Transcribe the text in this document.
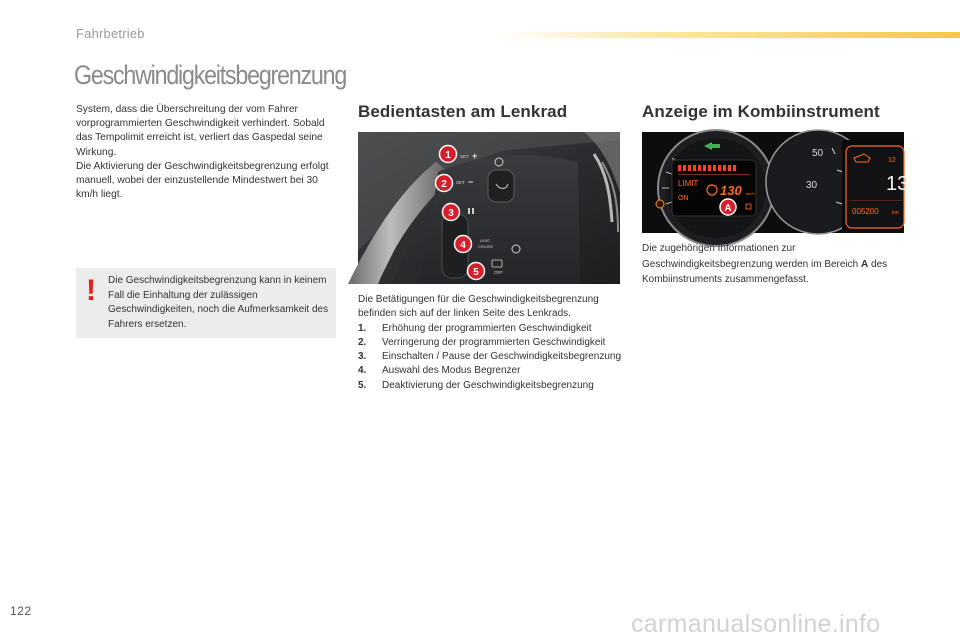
Fahrbetrieb
Geschwindigkeitsbegrenzung

System, dass die Überschreitung der vom Fahrer vorprogrammierten Geschwindigkeit verhindert. Sobald das Tempolimit erreicht ist, verliert das Gaspedal seine Wirkung.

Die Aktivierung der Geschwindigkeitsbegrenzung erfolgt manuell, wobei der einzustellende Mindestwert bei 30 km/h liegt.

! Die Geschwindigkeitsbegrenzung kann in keinem Fall die Einhaltung der zulässigen Geschwindigkeiten, noch die Aufmerksamkeit des Fahrers ersetzen.
Bedientasten am Lenkrad	Anzeige im Kombiinstrument
SET +
SET −
LIMIT
CRUISE
OFF
1
2
3
4
5
LIMIT
ON
130 km/h
50
30
12
13
005200	km
A

Die Betätigungen für die Geschwindigkeitsbegrenzung befinden sich auf der linken Seite des Lenkrads.

1. Erhöhung der programmierten Geschwindigkeit
2. Verringerung der programmierten Geschwindigkeit
3. Einschalten / Pause der Geschwindigkeitsbegrenzung
4. Auswahl des Modus Begrenzer
5. Deaktivierung der Geschwindigkeitsbegrenzung

Die zugehörigen Informationen zur Geschwindigkeitsbegrenzung werden im Bereich A des Kombiinstruments zusammengefasst.

122	carmanualsonline.info
